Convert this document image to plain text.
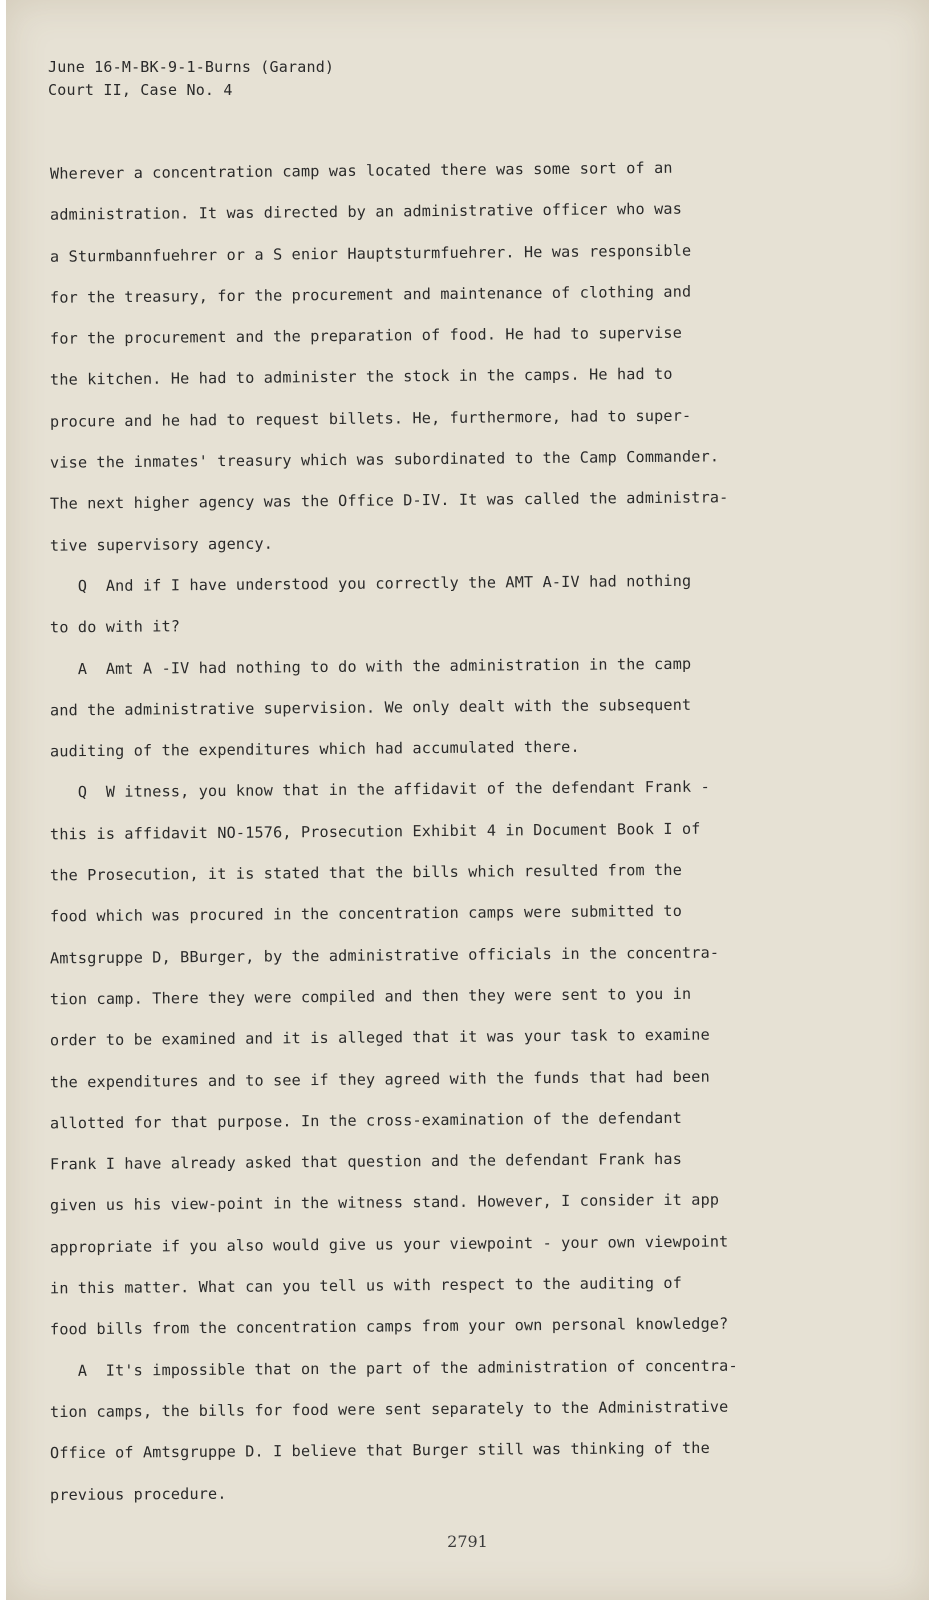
June 16-M-BK-9-1-Burns (Garand)
Court II, Case No. 4
Wherever a concentration camp was located there was some sort of an
administration. It was directed by an administrative officer who was
a Sturmbannfuehrer or a S enior Hauptsturmfuehrer. He was responsible
for the treasury, for the procurement and maintenance of clothing and
for the procurement and the preparation of food. He had to supervise
the kitchen. He had to administer the stock in the camps. He had to
procure and he had to request billets. He, furthermore, had to super-
vise the inmates' treasury which was subordinated to the Camp Commander.
The next higher agency was the Office D-IV. It was called the administra-
tive supervisory agency.
Q  And if I have understood you correctly the AMT A-IV had nothing
to do with it?
A  Amt A -IV had nothing to do with the administration in the camp
and the administrative supervision. We only dealt with the subsequent
auditing of the expenditures which had accumulated there.
Q  W itness, you know that in the affidavit of the defendant Frank -
this is affidavit NO-1576, Prosecution Exhibit 4 in Document Book I of
the Prosecution, it is stated that the bills which resulted from the
food which was procured in the concentration camps were submitted to
Amtsgruppe D, BBurger, by the administrative officials in the concentra-
tion camp. There they were compiled and then they were sent to you in
order to be examined and it is alleged that it was your task to examine
the expenditures and to see if they agreed with the funds that had been
allotted for that purpose. In the cross-examination of the defendant
Frank I have already asked that question and the defendant Frank has
given us his view-point in the witness stand. However, I consider it app
appropriate if you also would give us your viewpoint - your own viewpoint
in this matter. What can you tell us with respect to the auditing of
food bills from the concentration camps from your own personal knowledge?
A  It's impossible that on the part of the administration of concentra-
tion camps, the bills for food were sent separately to the Administrative
Office of Amtsgruppe D. I believe that Burger still was thinking of the
previous procedure.
2791
